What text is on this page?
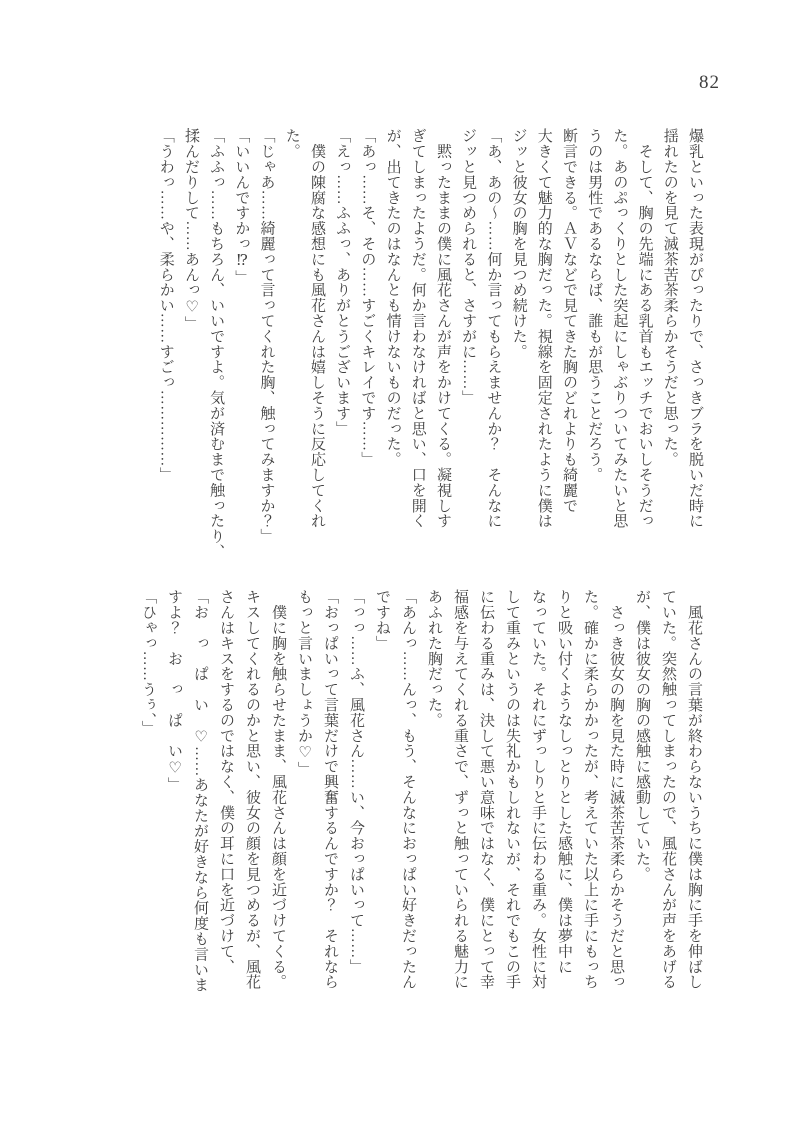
82
爆乳といった表現がぴったりで、さっきブラを脱いだ時に
揺れたのを見て滅茶苦茶柔らかそうだと思った。
　そして、胸の先端にある乳首もエッチでおいしそうだっ
た。あのぷっくりとした突起にしゃぶりついてみたいと思
うのは男性であるならば、誰もが思うことだろう。
断言できる。ＡＶなどで見てきた胸のどれよりも綺麗で
大きくて魅力的な胸だった。視線を固定されたように僕は
ジッと彼女の胸を見つめ続けた。
「あ、あの～……何か言ってもらえませんか？　そんなに
ジッと見つめられると、さすがに……」
　黙ったままの僕に風花さんが声をかけてくる。凝視しす
ぎてしまったようだ。何か言わなければと思い、口を開く
が、出てきたのはなんとも情けないものだった。
「あっ……そ、その……すごくキレイです……」
「えっ……ふふっ、ありがとうございます」
　僕の陳腐な感想にも風花さんは嬉しそうに反応してくれ
た。
「じゃあ……綺麗って言ってくれた胸、触ってみますか？」
「いいんですかっ⁉」
「ふふっ……もちろん、いいですよ。気が済むまで触ったり、
揉んだりして……あんっ♡」
「うわっ……や、柔らかい……すごっ……………」
　風花さんの言葉が終わらないうちに僕は胸に手を伸ばし
ていた。突然触ってしまったので、風花さんが声をあげる
が、僕は彼女の胸の感触に感動していた。
　さっき彼女の胸を見た時に滅茶苦茶柔らかそうだと思っ
た。確かに柔らかかったが、考えていた以上に手にもっち
りと吸い付くようなしっとりとした感触に、僕は夢中に
なっていた。それにずっしりと手に伝わる重み。女性に対
して重みというのは失礼かもしれないが、それでもこの手
に伝わる重みは、決して悪い意味ではなく、僕にとって幸
福感を与えてくれる重さで、ずっと触っていられる魅力に
あふれた胸だった。
「あんっ……んっ、もう、そんなにおっぱい好きだったん
ですね」
「っっ……ふ、風花さん……い、今おっぱいって……」
「おっぱいって言葉だけで興奮するんですか？　それなら
もっと言いましょうか♡」
　僕に胸を触らせたまま、風花さんは顔を近づけてくる。
キスしてくれるのかと思い、彼女の顔を見つめるが、風花
さんはキスをするのではなく、僕の耳に口を近づけて、
「お　っ　ぱ　い　♡……あなたが好きなら何度も言いま
すよ？　お　っ　ぱ　い♡」
「ひゃっ……うぅ、」
